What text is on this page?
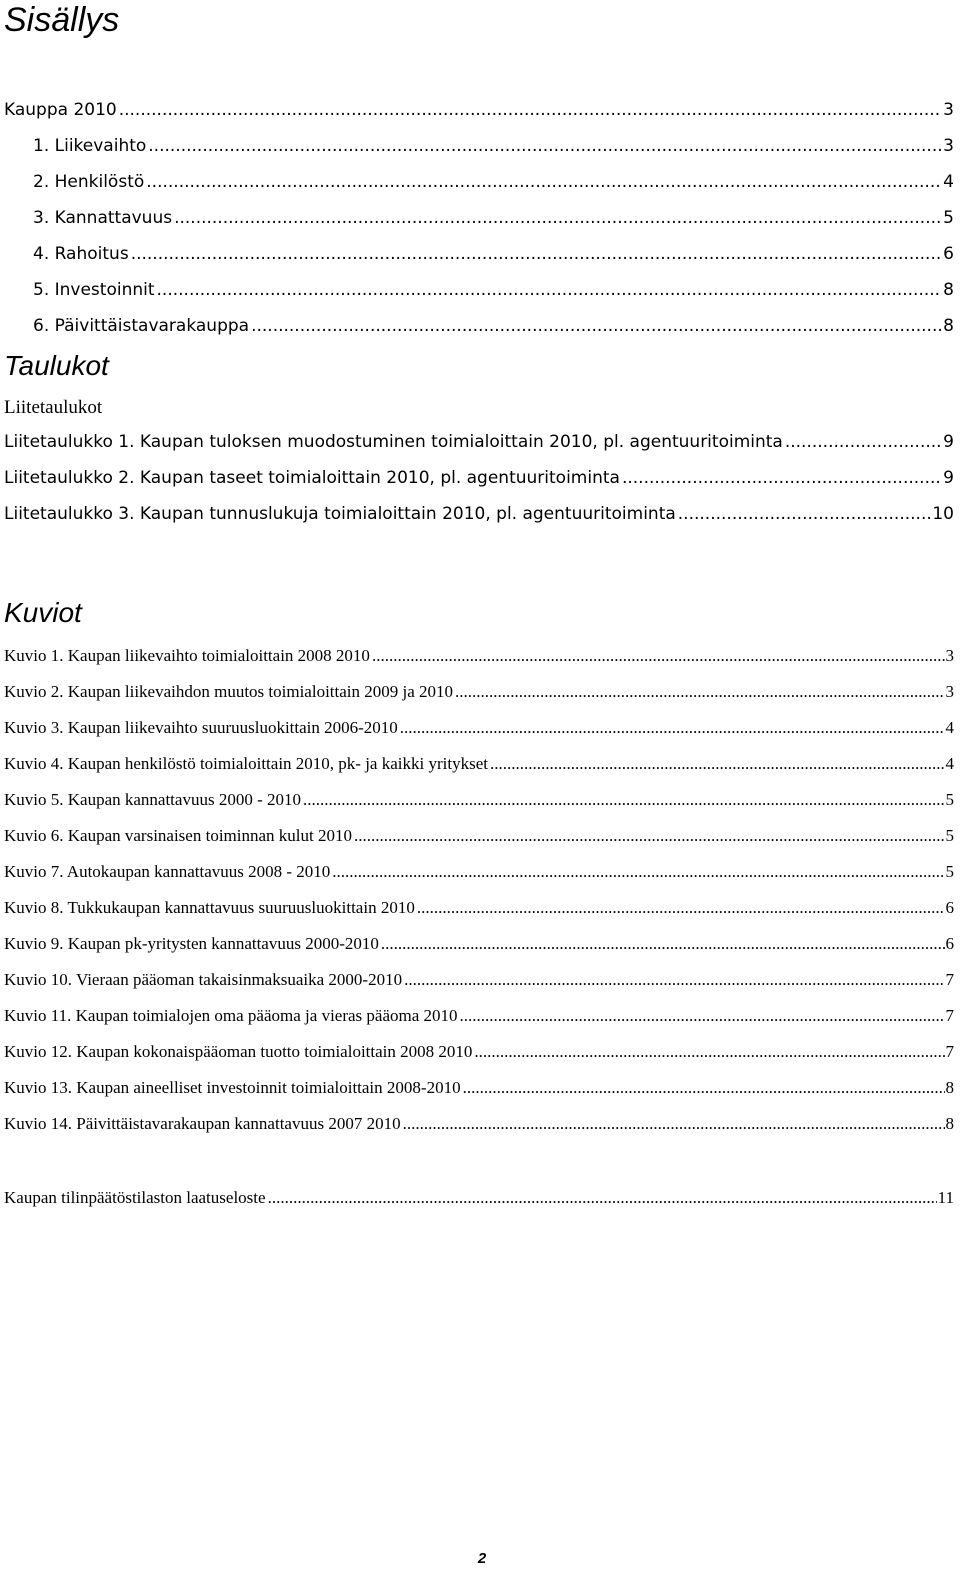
Sisällys
Kauppa 2010 .....	3
1. Liikevaihto .....	3
2. Henkilöstö .....	4
3. Kannattavuus .....	5
4. Rahoitus .....	6
5. Investoinnit .....	8
6. Päivittäistavarakauppa .....	8
Taulukot
Liitetaulukot
Liitetaulukko 1. Kaupan tuloksen muodostuminen toimialoittain 2010, pl. agentuuritoiminta .....	9
Liitetaulukko 2. Kaupan taseet toimialoittain 2010, pl. agentuuritoiminta .....	9
Liitetaulukko 3. Kaupan tunnuslukuja toimialoittain 2010, pl. agentuuritoiminta .....	10
Kuviot
Kuvio 1. Kaupan liikevaihto toimialoittain 2008 2010 .....	3
Kuvio 2. Kaupan liikevaihdon muutos toimialoittain 2009 ja 2010 .....	3
Kuvio 3. Kaupan liikevaihto suuruusluokittain 2006-2010 .....	4
Kuvio 4. Kaupan henkilöstö toimialoittain 2010, pk- ja kaikki yritykset .....	4
Kuvio 5. Kaupan kannattavuus 2000 - 2010 .....	5
Kuvio 6. Kaupan varsinaisen toiminnan kulut 2010 .....	5
Kuvio 7. Autokaupan kannattavuus 2008 - 2010 .....	5
Kuvio 8. Tukkukaupan kannattavuus suuruusluokittain 2010 .....	6
Kuvio 9. Kaupan pk-yritysten kannattavuus 2000-2010 .....	6
Kuvio 10. Vieraan pääoman takaisinmaksuaika 2000-2010 .....	7
Kuvio 11. Kaupan toimialojen oma pääoma ja vieras pääoma 2010 .....	7
Kuvio 12. Kaupan kokonaispääoman tuotto toimialoittain 2008 2010 .....	7
Kuvio 13. Kaupan aineelliset investoinnit toimialoittain 2008-2010 .....	8
Kuvio 14. Päivittäistavarakaupan kannattavuus 2007 2010 .....	8
Kaupan tilinpäätöstilaston laatuseloste .....	11
2
